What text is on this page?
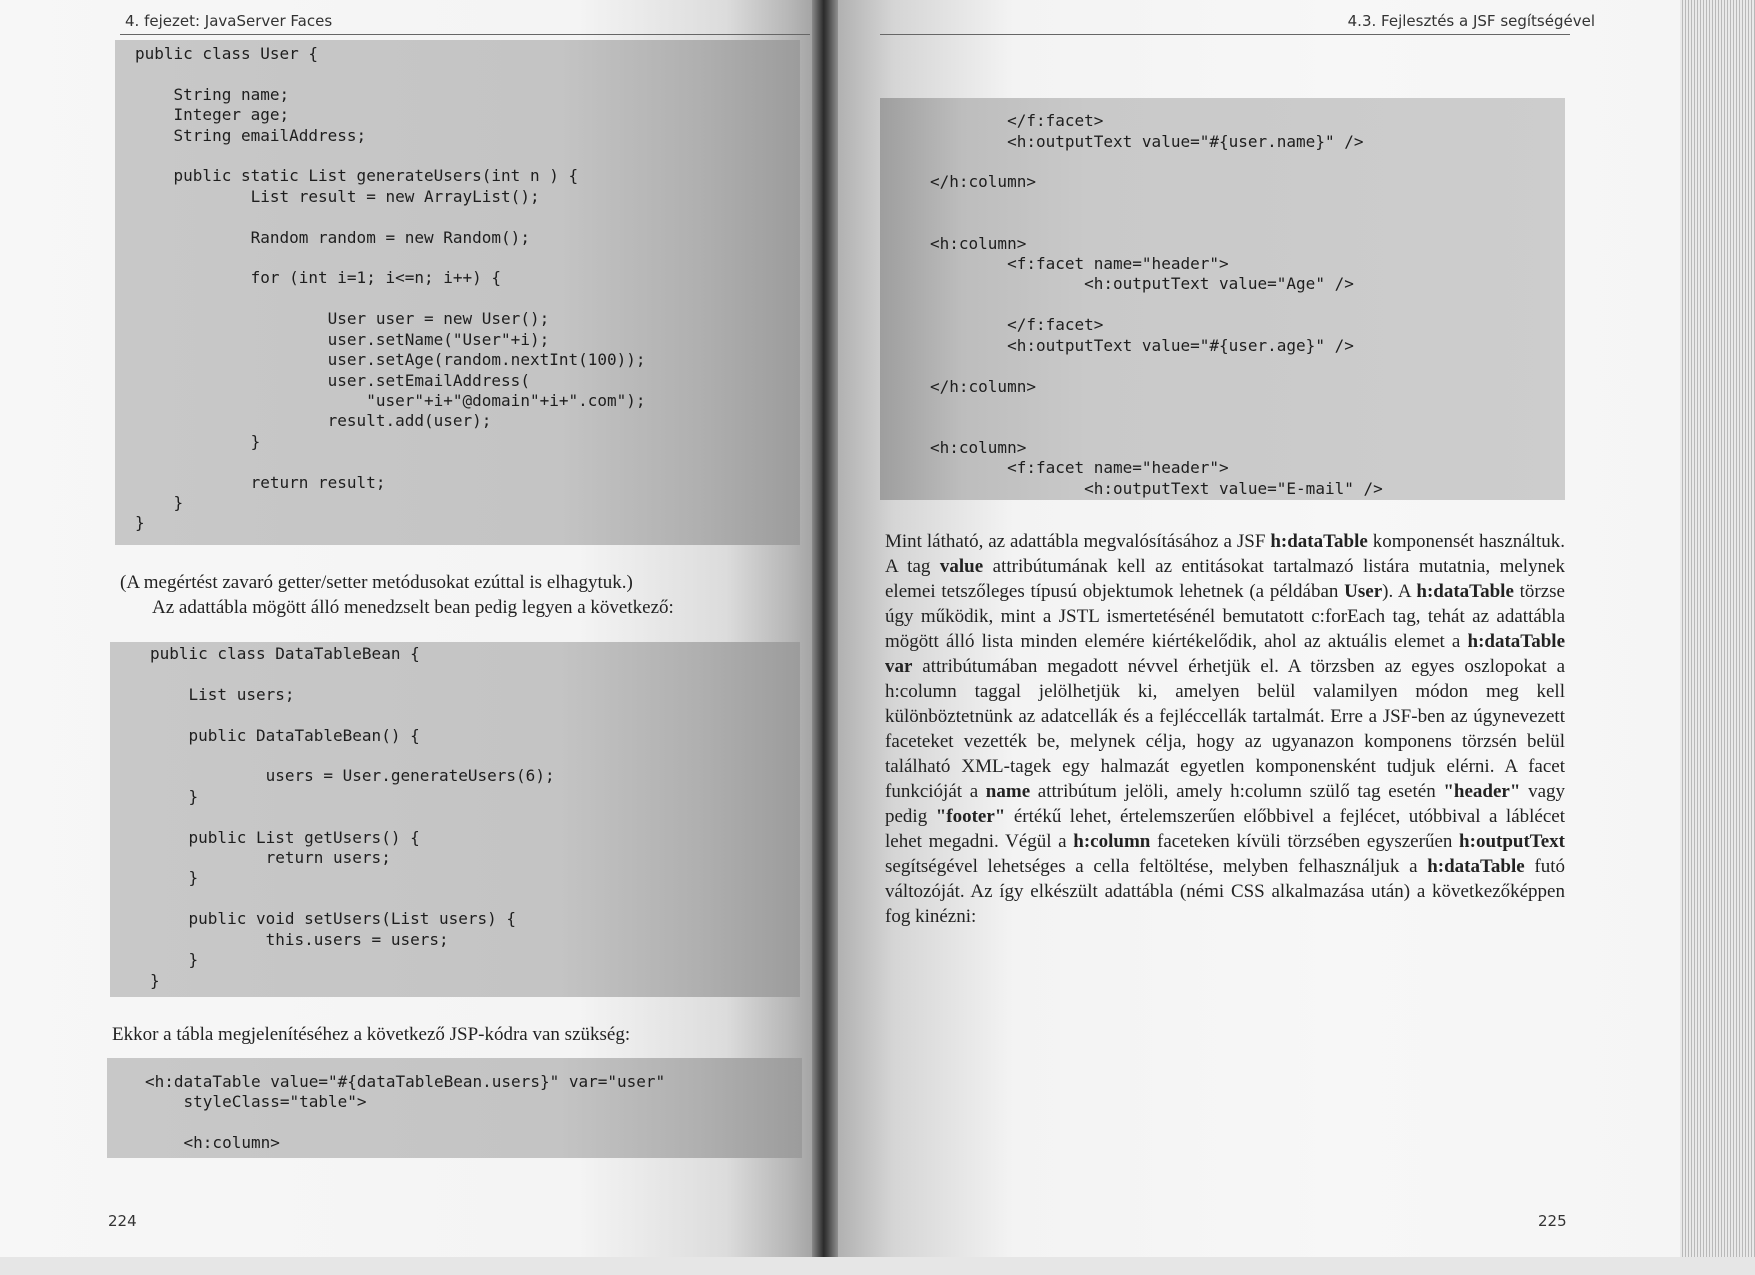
4. fejezet: JavaServer Faces
public class User {

String name;
Integer age;
String emailAddress;

public static List generateUsers(int n ) {
List result = new ArrayList();

Random random = new Random();

for (int i=1; i<=n; i++) {

User user = new User();
user.setName("User"+i);
user.setAge(random.nextInt(100));
user.setEmailAddress(
"user"+i+"@domain"+i+".com");
result.add(user);
}

return result;
}
}

(A megértést zavaró getter/setter metódusokat ezúttal is elhagytuk.)

Az adattábla mögött álló menedzselt bean pedig legyen a következő:

public class DataTableBean {

List users;

public DataTableBean() {

users = User.generateUsers(6);
}

public List getUsers() {
return users;
}

public void setUsers(List users) {
this.users = users;
}
}
Ekkor a tábla megjelenítéséhez a következő JSP-kódra van szükség:
<h:dataTable value="#{dataTableBean.users}" var="user"
styleClass="table">

<h:column>
224
4.3. Fejlesztés a JSF segítségével

</f:facet>
<h:outputText value="#{user.name}" />

</h:column>

<h:column>
<f:facet name="header">
<h:outputText value="Age" />

</f:facet>
<h:outputText value="#{user.age}" />

</h:column>

<h:column>
<f:facet name="header">
<h:outputText value="E-mail" />

Mint látható, az adattábla megvalósításához a JSF h:dataTable komponensét használtuk. A tag value attribútumának kell az entitásokat tartalmazó listára mutatnia, melynek elemei tetszőleges típusú objektumok lehetnek (a példában User). A h:dataTable törzse úgy működik, mint a JSTL ismertetésénél bemutatott c:forEach tag, tehát az adattábla mögött álló lista minden elemére kiértékelődik, ahol az aktuális elemet a h:dataTable var attribútumában megadott névvel érhetjük el. A törzsben az egyes oszlopokat a h:column taggal jelölhetjük ki, amelyen belül valamilyen módon meg kell különböztetnünk az adatcellák és a fejléccellák tartalmát. Erre a JSF-ben az úgynevezett faceteket vezették be, melynek célja, hogy az ugyanazon komponens törzsén belül található XML-tagek egy halmazát egyetlen komponensként tudjuk elérni. A facet funkcióját a name attribútum jelöli, amely h:column szülő tag esetén "header" vagy pedig "footer" értékű lehet, értelemszerűen előbbivel a fejlécet, utóbbival a láblécet lehet megadni. Végül a h:column faceteken kívüli törzsében egyszerűen h:outputText segítségével lehetséges a cella feltöltése, melyben felhasználjuk a h:dataTable futó változóját. Az így elkészült adattábla (némi CSS alkalmazása után) a következőképpen fog kinézni:

225
